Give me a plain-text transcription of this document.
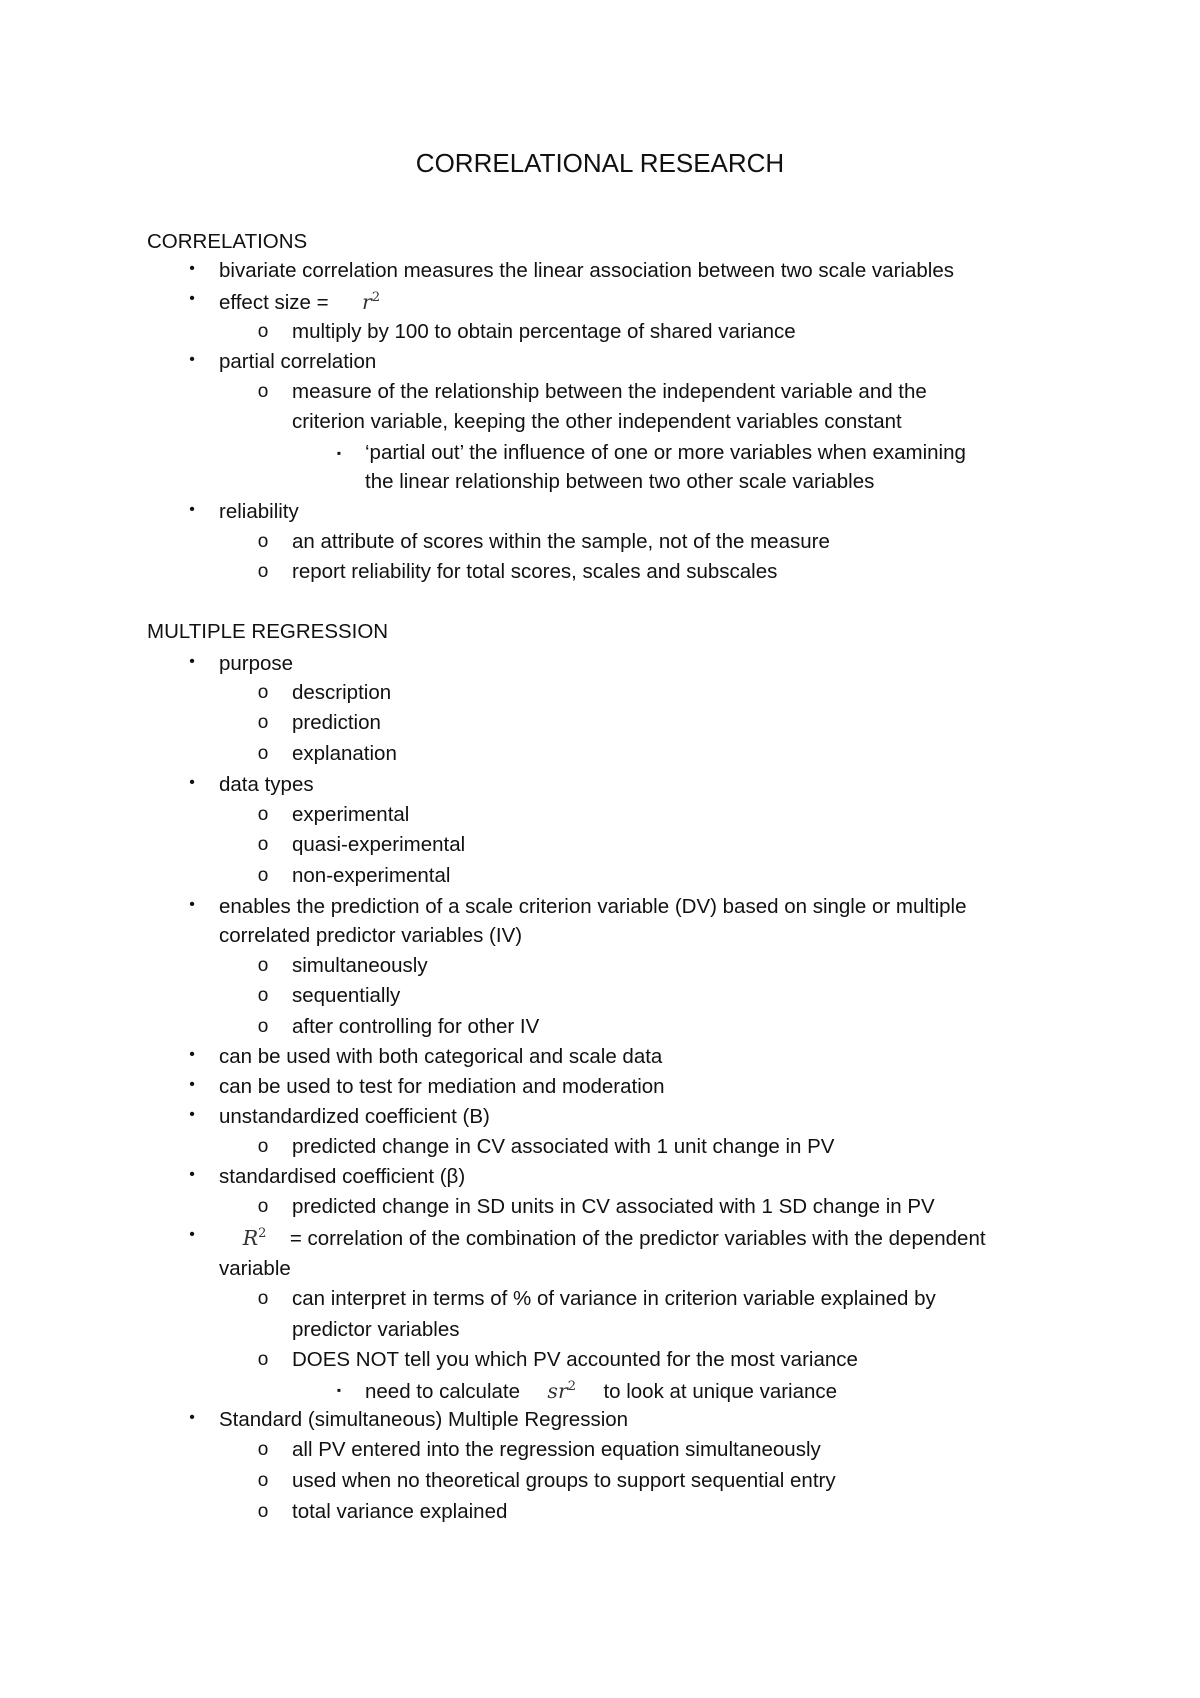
CORRELATIONAL RESEARCH
CORRELATIONS
•	bivariate correlation measures the linear association between two scale variables
•	effect size = $r^2$
o multiply by 100 to obtain percentage of shared variance
•	partial correlation
o measure of the relationship between the independent variable and the
criterion variable, keeping the other independent variables constant
▪	‘partial out’ the influence of one or more variables when examining
the linear relationship between two other scale variables
•	reliability
o an attribute of scores within the sample, not of the measure
o report reliability for total scores, scales and subscales
MULTIPLE REGRESSION
•	purpose
o description
o prediction
o explanation
•	data types
o experimental
o quasi-experimental
o non-experimental
•	enables the prediction of a scale criterion variable (DV) based on single or multiple
correlated predictor variables (IV)
o simultaneously
o sequentially
o after controlling for other IV
•	can be used with both categorical and scale data
•	can be used to test for mediation and moderation
•	unstandardized coefficient (B)
o predicted change in CV associated with 1 unit change in PV
•	standardised coefficient (β)
o predicted change in SD units in CV associated with 1 SD change in PV
•	$R^2$ = correlation of the combination of the predictor variables with the dependent
variable
o can interpret in terms of % of variance in criterion variable explained by
predictor variables
o DOES NOT tell you which PV accounted for the most variance
▪	need to calculate $sr^2$ to look at unique variance
•	Standard (simultaneous) Multiple Regression
o all PV entered into the regression equation simultaneously
o used when no theoretical groups to support sequential entry
o total variance explained
